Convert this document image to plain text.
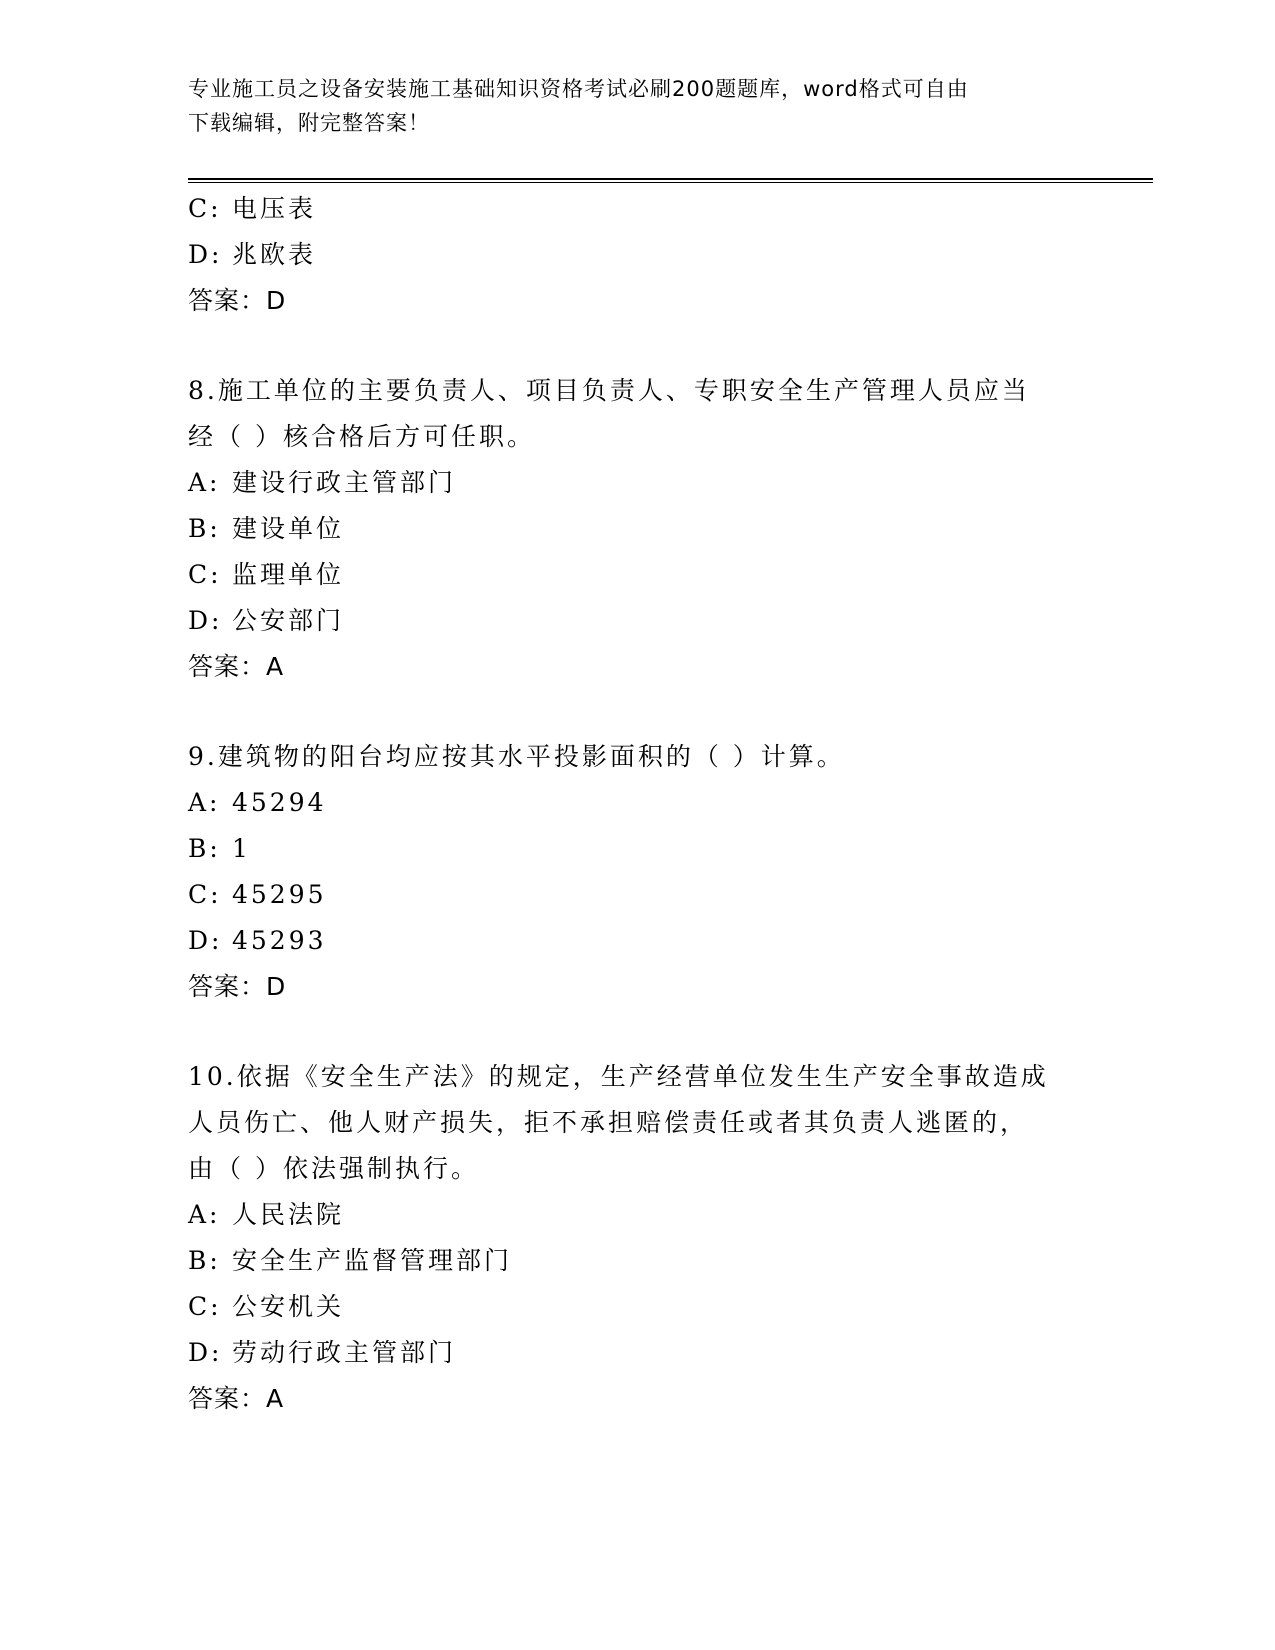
专业施工员之设备安装施工基础知识资格考试必刷200题题库，word格式可自由
下载编辑，附完整答案！
C: 电压表
D: 兆欧表
答案：D
8.施工单位的主要负责人、项目负责人、专职安全生产管理人员应当
经（ ）核合格后方可任职。
A: 建设行政主管部门
B: 建设单位
C: 监理单位
D: 公安部门
答案：A
9.建筑物的阳台均应按其水平投影面积的（ ）计算。
A: 45294
B: 1
C: 45295
D: 45293
答案：D
10.依据《安全生产法》的规定，生产经营单位发生生产安全事故造成
人员伤亡、他人财产损失，拒不承担赔偿责任或者其负责人逃匿的，
由（ ）依法强制执行。
A: 人民法院
B: 安全生产监督管理部门
C: 公安机关
D: 劳动行政主管部门
答案：A
